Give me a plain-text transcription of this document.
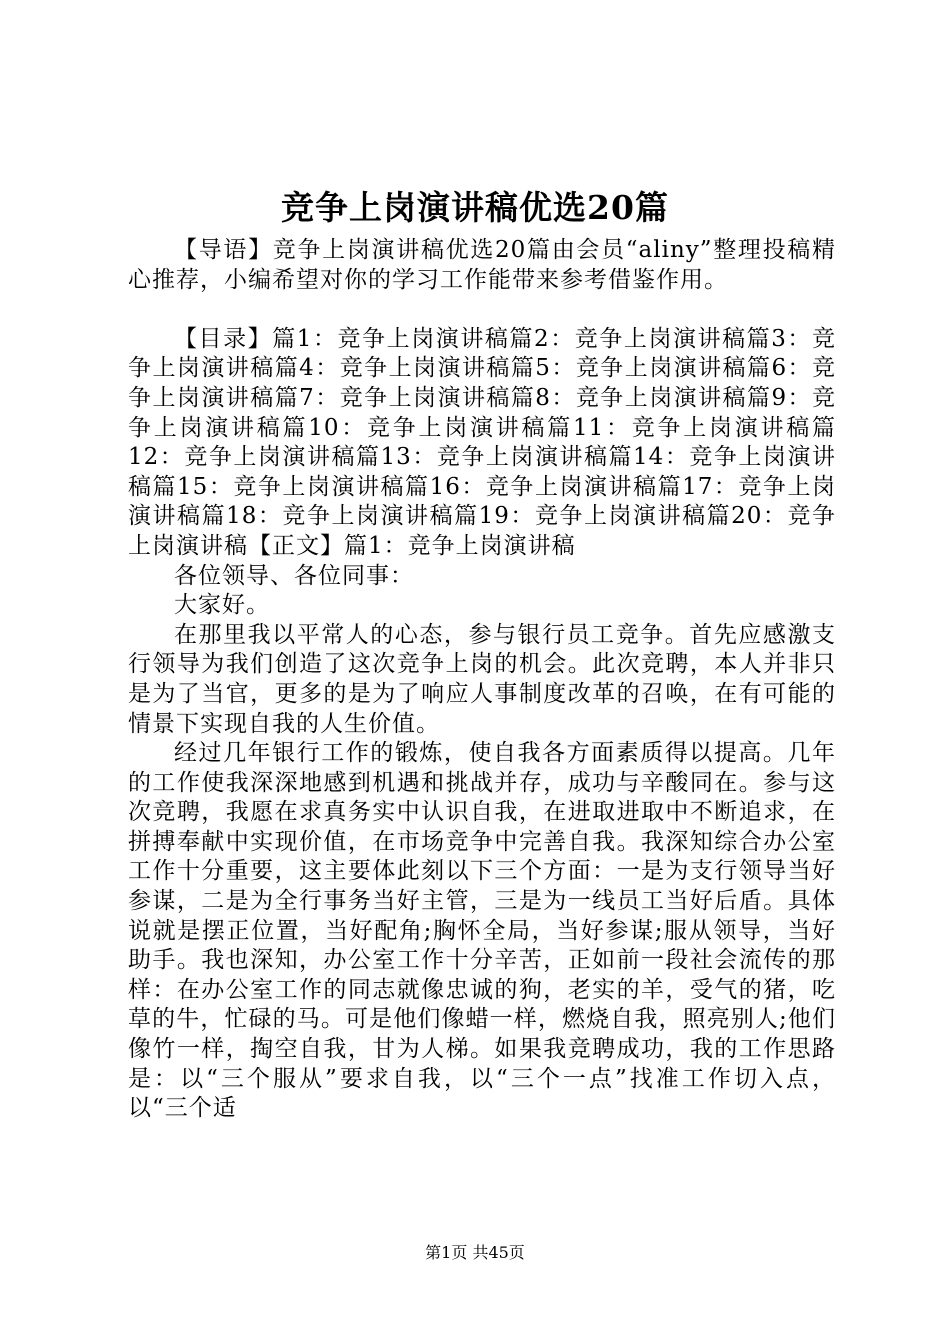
竞争上岗演讲稿优选20篇

【导语】竞争上岗演讲稿优选20篇由会员“aliny”整理投稿精心推荐，小编希望对你的学习工作能带来参考借鉴作用。

【目录】篇1：竞争上岗演讲稿篇2：竞争上岗演讲稿篇3：竞争上岗演讲稿篇4：竞争上岗演讲稿篇5：竞争上岗演讲稿篇6：竞争上岗演讲稿篇7：竞争上岗演讲稿篇8：竞争上岗演讲稿篇9：竞争上岗演讲稿篇10：竞争上岗演讲稿篇11：竞争上岗演讲稿篇12：竞争上岗演讲稿篇13：竞争上岗演讲稿篇14：竞争上岗演讲稿篇15：竞争上岗演讲稿篇16：竞争上岗演讲稿篇17：竞争上岗演讲稿篇18：竞争上岗演讲稿篇19：竞争上岗演讲稿篇20：竞争上岗演讲稿【正文】篇1：竞争上岗演讲稿

各位领导、各位同事：

大家好。

在那里我以平常人的心态，参与银行员工竞争。首先应感激支行领导为我们创造了这次竞争上岗的机会。此次竞聘，本人并非只是为了当官，更多的是为了响应人事制度改革的召唤，在有可能的情景下实现自我的人生价值。

经过几年银行工作的锻炼，使自我各方面素质得以提高。几年的工作使我深深地感到机遇和挑战并存，成功与辛酸同在。参与这次竞聘，我愿在求真务实中认识自我，在进取进取中不断追求，在拼搏奉献中实现价值，在市场竞争中完善自我。我深知综合办公室工作十分重要，这主要体此刻以下三个方面：一是为支行领导当好参谋，二是为全行事务当好主管，三是为一线员工当好后盾。具体说就是摆正位置，当好配角;胸怀全局，当好参谋;服从领导，当好助手。我也深知，办公室工作十分辛苦，正如前一段社会流传的那样：在办公室工作的同志就像忠诚的狗，老实的羊，受气的猪，吃草的牛，忙碌的马。可是他们像蜡一样，燃烧自我，照亮别人;他们像竹一样，掏空自我，甘为人梯。如果我竞聘成功，我的工作思路是：以“三个服从”要求自我，以“三个一点”找准工作切入点，以“三个适

第1页 共45页
